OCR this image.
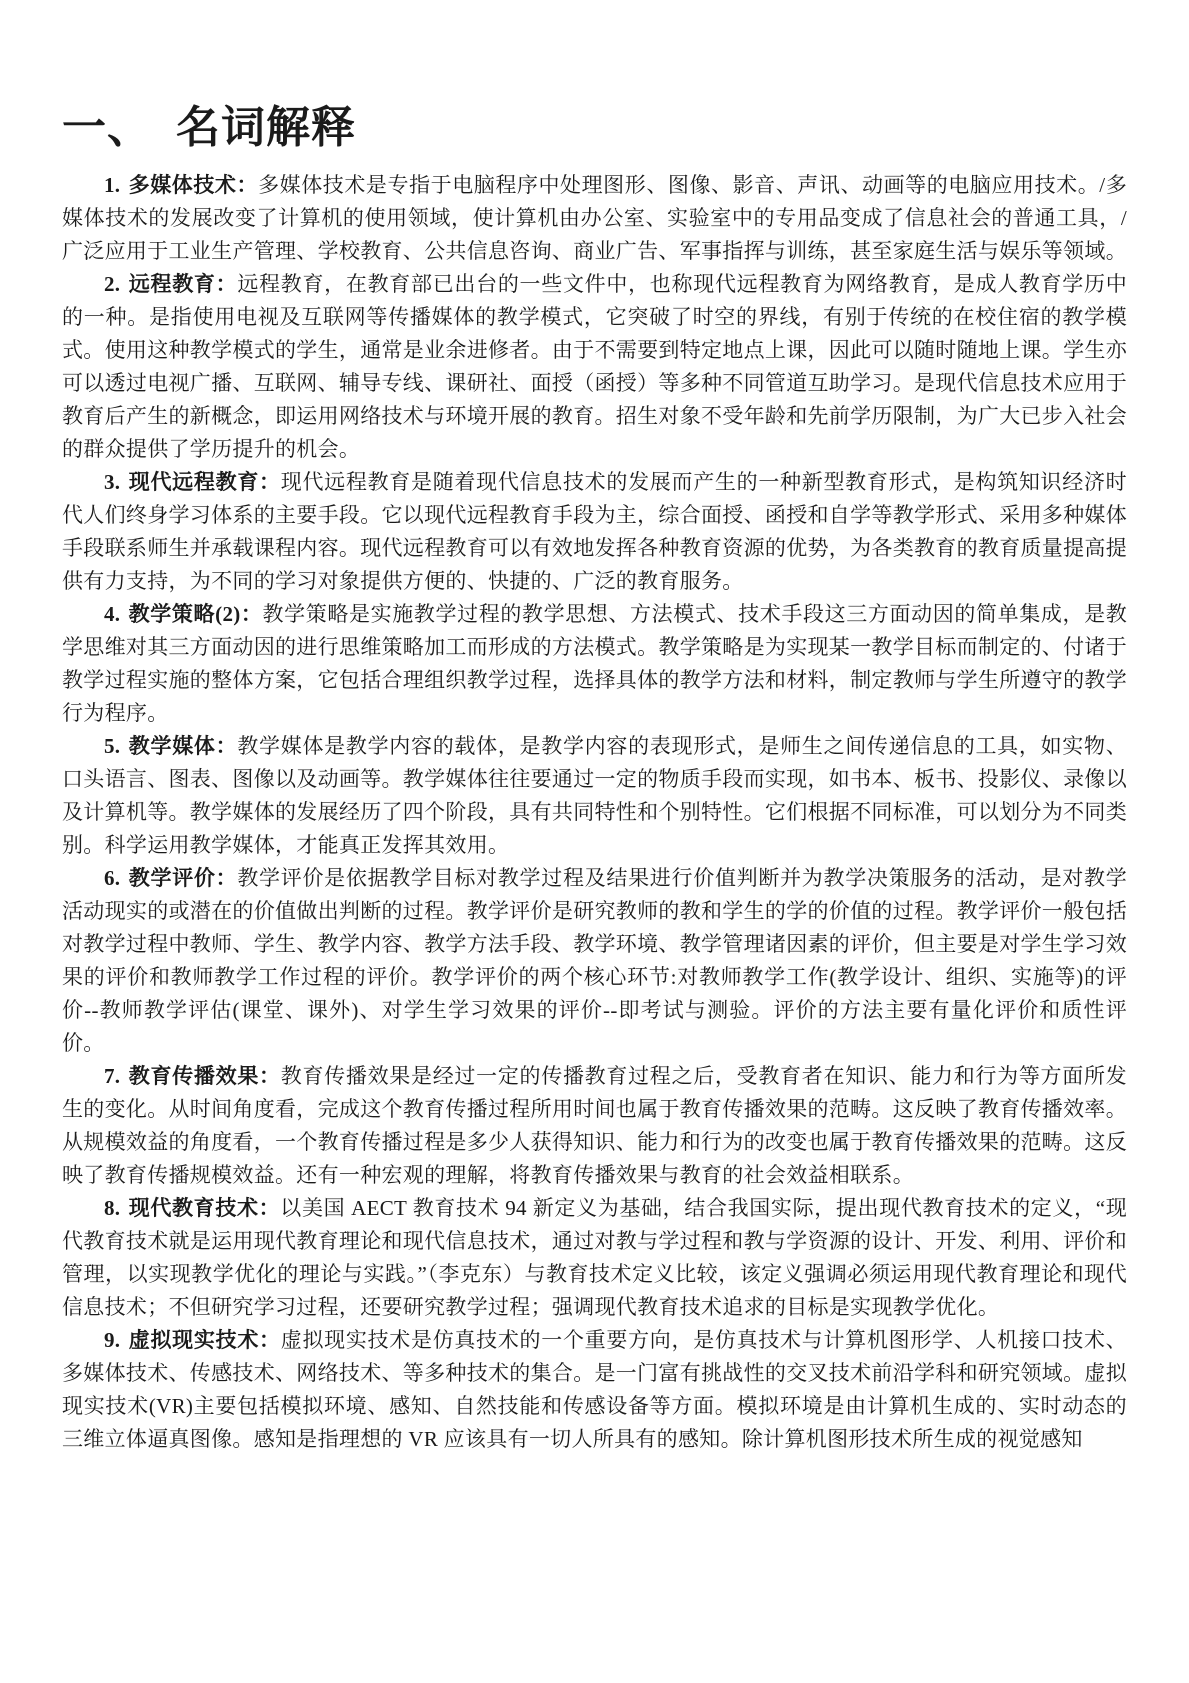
一、 名词解释

1. 多媒体技术：多媒体技术是专指于电脑程序中处理图形、图像、影音、声讯、动画等的电脑应用技术。/多媒体技术的发展改变了计算机的使用领域，使计算机由办公室、实验室中的专用品变成了信息社会的普通工具，/广泛应用于工业生产管理、学校教育、公共信息咨询、商业广告、军事指挥与训练，甚至家庭生活与娱乐等领域。

2. 远程教育：远程教育，在教育部已出台的一些文件中，也称现代远程教育为网络教育，是成人教育学历中的一种。是指使用电视及互联网等传播媒体的教学模式，它突破了时空的界线，有别于传统的在校住宿的教学模式。使用这种教学模式的学生，通常是业余进修者。由于不需要到特定地点上课，因此可以随时随地上课。学生亦可以透过电视广播、互联网、辅导专线、课研社、面授（函授）等多种不同管道互助学习。是现代信息技术应用于教育后产生的新概念，即运用网络技术与环境开展的教育。招生对象不受年龄和先前学历限制，为广大已步入社会的群众提供了学历提升的机会。

3. 现代远程教育：现代远程教育是随着现代信息技术的发展而产生的一种新型教育形式，是构筑知识经济时代人们终身学习体系的主要手段。它以现代远程教育手段为主，综合面授、函授和自学等教学形式、采用多种媒体手段联系师生并承载课程内容。现代远程教育可以有效地发挥各种教育资源的优势，为各类教育的教育质量提高提供有力支持，为不同的学习对象提供方便的、快捷的、广泛的教育服务。

4. 教学策略(2)：教学策略是实施教学过程的教学思想、方法模式、技术手段这三方面动因的简单集成，是教学思维对其三方面动因的进行思维策略加工而形成的方法模式。教学策略是为实现某一教学目标而制定的、付诸于教学过程实施的整体方案，它包括合理组织教学过程，选择具体的教学方法和材料，制定教师与学生所遵守的教学行为程序。

5. 教学媒体：教学媒体是教学内容的载体，是教学内容的表现形式，是师生之间传递信息的工具，如实物、口头语言、图表、图像以及动画等。教学媒体往往要通过一定的物质手段而实现，如书本、板书、投影仪、录像以及计算机等。教学媒体的发展经历了四个阶段，具有共同特性和个别特性。它们根据不同标准，可以划分为不同类别。科学运用教学媒体，才能真正发挥其效用。

6. 教学评价：教学评价是依据教学目标对教学过程及结果进行价值判断并为教学决策服务的活动，是对教学活动现实的或潜在的价值做出判断的过程。教学评价是研究教师的教和学生的学的价值的过程。教学评价一般包括对教学过程中教师、学生、教学内容、教学方法手段、教学环境、教学管理诸因素的评价，但主要是对学生学习效果的评价和教师教学工作过程的评价。教学评价的两个核心环节:对教师教学工作(教学设计、组织、实施等)的评价--教师教学评估(课堂、课外)、对学生学习效果的评价--即考试与测验。评价的方法主要有量化评价和质性评价。

7. 教育传播效果：教育传播效果是经过一定的传播教育过程之后，受教育者在知识、能力和行为等方面所发生的变化。从时间角度看，完成这个教育传播过程所用时间也属于教育传播效果的范畴。这反映了教育传播效率。从规模效益的角度看，一个教育传播过程是多少人获得知识、能力和行为的改变也属于教育传播效果的范畴。这反映了教育传播规模效益。还有一种宏观的理解，将教育传播效果与教育的社会效益相联系。

8. 现代教育技术：以美国 AECT 教育技术 94 新定义为基础，结合我国实际，提出现代教育技术的定义，“现代教育技术就是运用现代教育理论和现代信息技术，通过对教与学过程和教与学资源的设计、开发、利用、评价和管理，以实现教学优化的理论与实践。”（李克东）与教育技术定义比较，该定义强调必须运用现代教育理论和现代信息技术；不但研究学习过程，还要研究教学过程；强调现代教育技术追求的目标是实现教学优化。

9. 虚拟现实技术：虚拟现实技术是仿真技术的一个重要方向，是仿真技术与计算机图形学、人机接口技术、多媒体技术、传感技术、网络技术、等多种技术的集合。是一门富有挑战性的交叉技术前沿学科和研究领域。虚拟现实技术(VR)主要包括模拟环境、感知、自然技能和传感设备等方面。模拟环境是由计算机生成的、实时动态的三维立体逼真图像。感知是指理想的 VR 应该具有一切人所具有的感知。除计算机图形技术所生成的视觉感知
